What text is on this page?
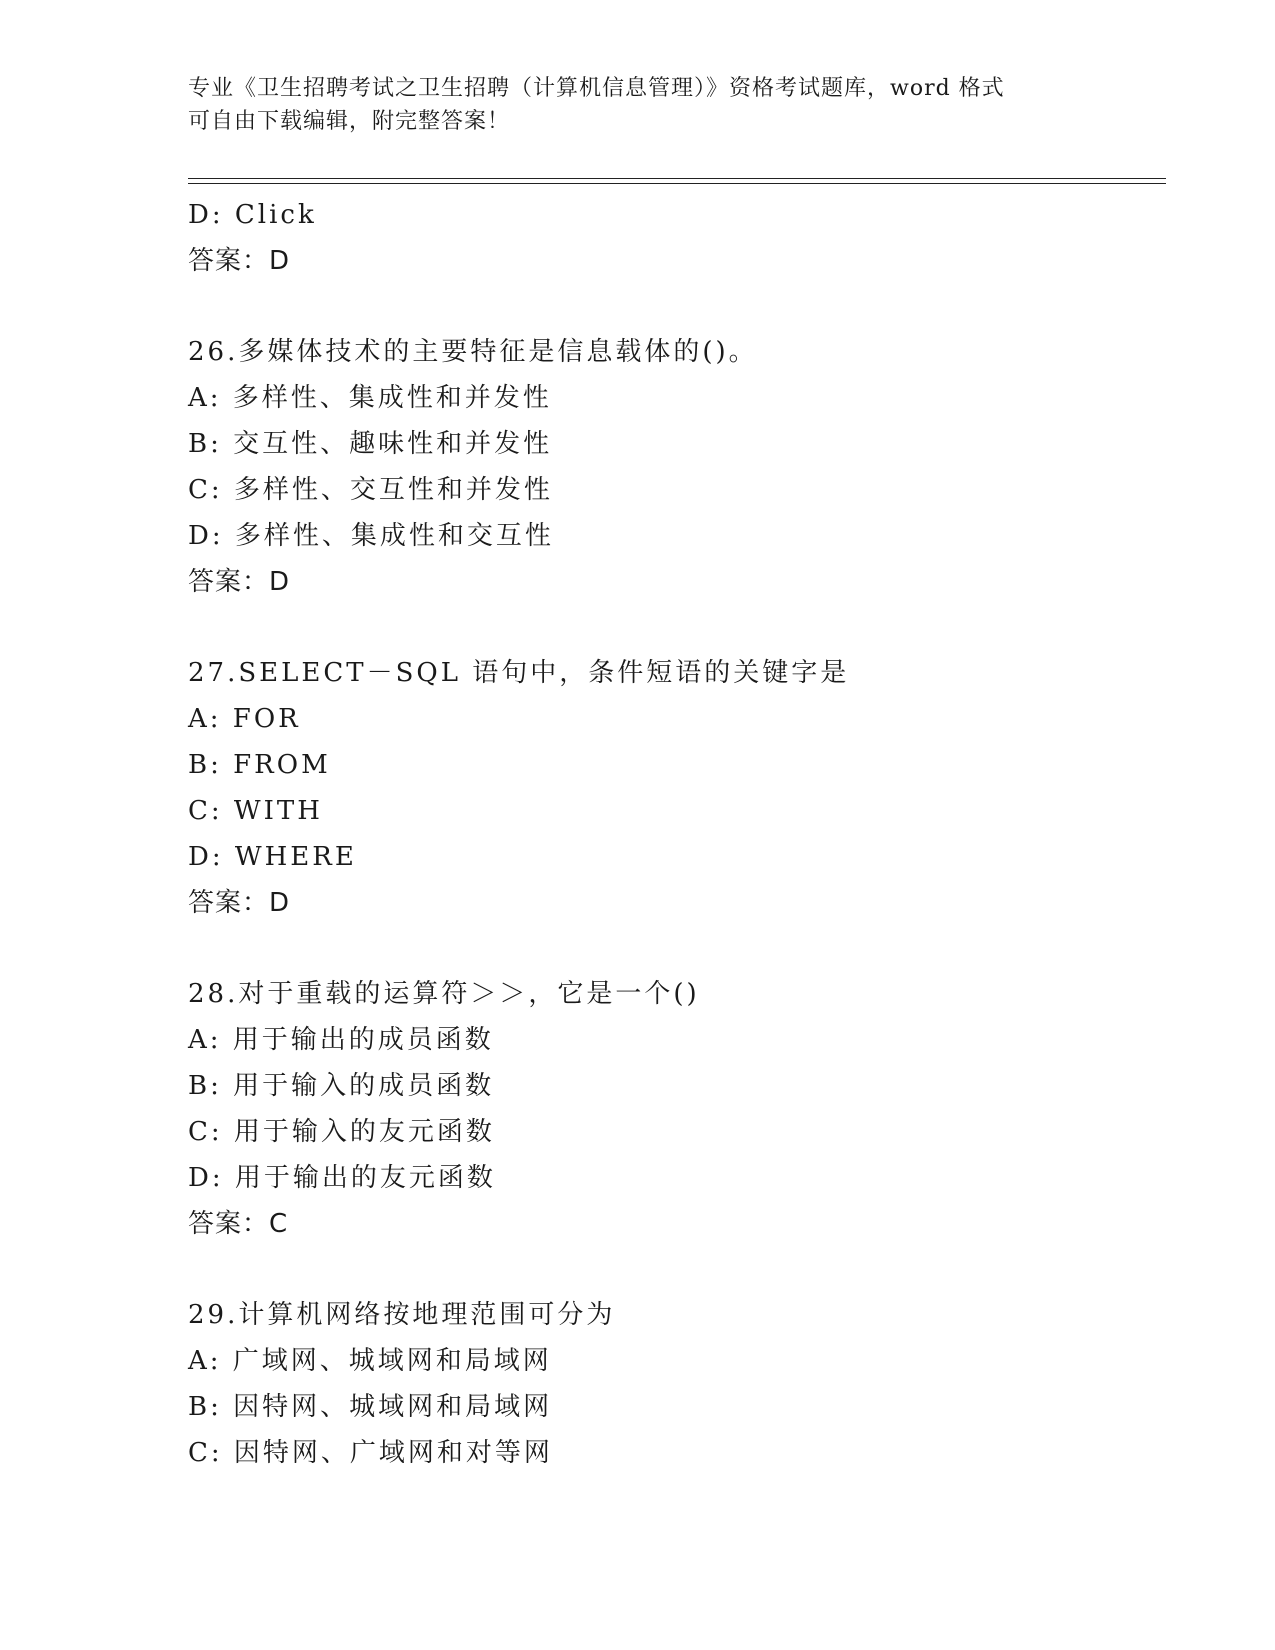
专业《卫生招聘考试之卫生招聘（计算机信息管理）》资格考试题库，word 格式
可自由下载编辑，附完整答案！
D: Click
答案：D
26.多媒体技术的主要特征是信息载体的()。
A: 多样性、集成性和并发性
B: 交互性、趣味性和并发性
C: 多样性、交互性和并发性
D: 多样性、集成性和交互性
答案：D
27.SELECT－SQL 语句中，条件短语的关键字是
A: FOR
B: FROM
C: WITH
D: WHERE
答案：D
28.对于重载的运算符＞＞，它是一个()
A: 用于输出的成员函数
B: 用于输入的成员函数
C: 用于输入的友元函数
D: 用于输出的友元函数
答案：C
29.计算机网络按地理范围可分为
A: 广域网、城域网和局域网
B: 因特网、城域网和局域网
C: 因特网、广域网和对等网
